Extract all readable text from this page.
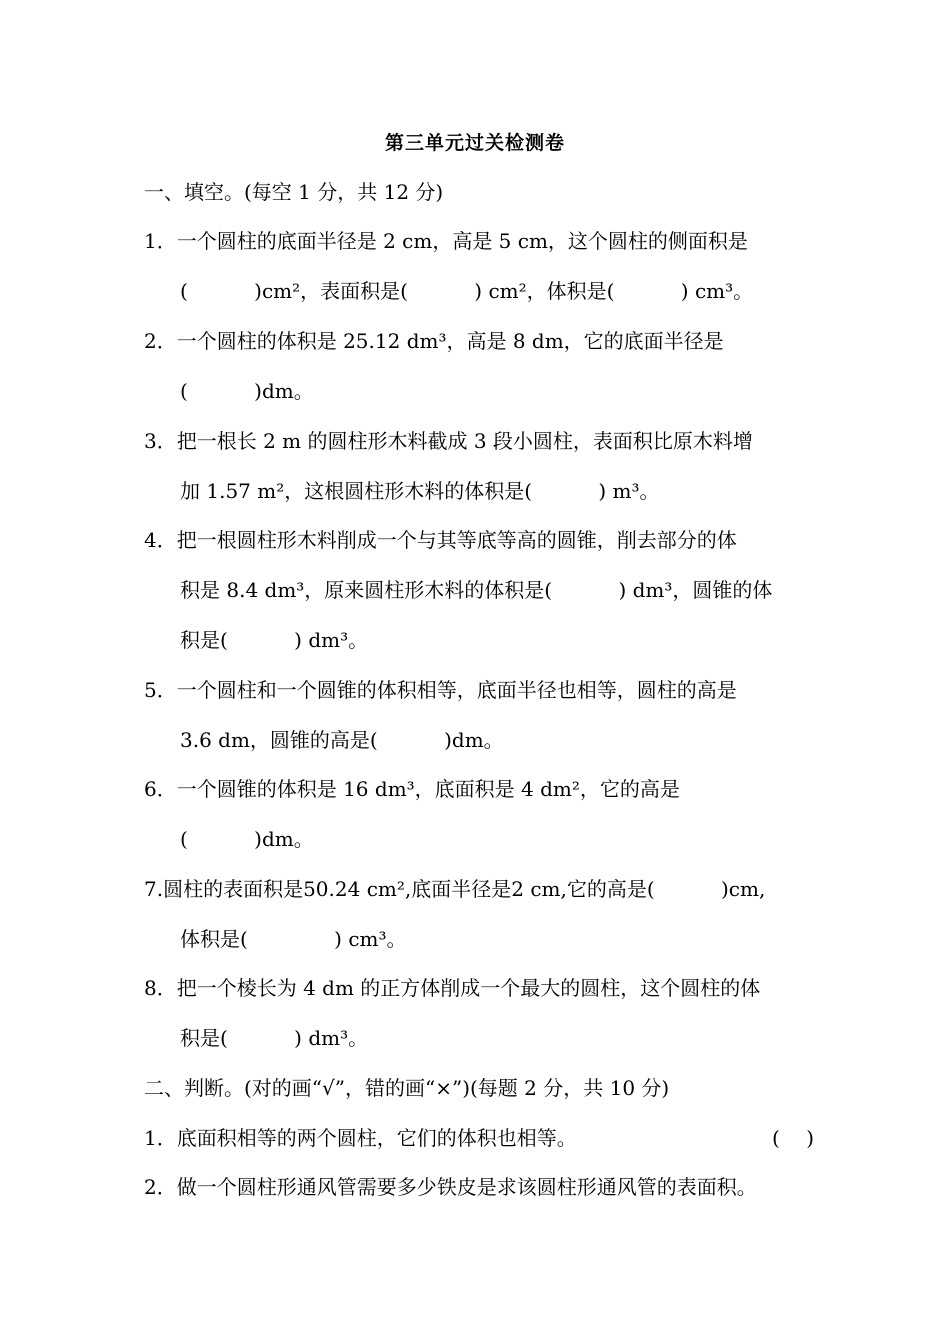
第三单元过关检测卷
一、填空。(每空 1 分，共 12 分)
1．一个圆柱的底面半径是 2 cm，高是 5 cm，这个圆柱的侧面积是
(　　　 )cm²，表面积是(　　　 ) cm²，体积是(　　　 ) cm³。
2．一个圆柱的体积是 25.12 dm³，高是 8 dm，它的底面半径是
(　　　 )dm。
3．把一根长 2 m 的圆柱形木料截成 3 段小圆柱，表面积比原木料增
加 1.57 m²，这根圆柱形木料的体积是(　　　 ) m³。
4．把一根圆柱形木料削成一个与其等底等高的圆锥，削去部分的体
积是 8.4 dm³，原来圆柱形木料的体积是(　　　 ) dm³，圆锥的体
积是(　　　 ) dm³。
5．一个圆柱和一个圆锥的体积相等，底面半径也相等，圆柱的高是
3.6 dm，圆锥的高是(　　　 )dm。
6．一个圆锥的体积是 16 dm³，底面积是 4 dm²，它的高是
(　　　 )dm。
7.圆柱的表面积是50.24 cm²,底面半径是2 cm,它的高是(　　　 )cm,
体积是(　　　　 ) cm³。
8．把一个棱长为 4 dm 的正方体削成一个最大的圆柱，这个圆柱的体
积是(　　　 ) dm³。
二、判断。(对的画“√”，错的画“×”)(每题 2 分，共 10 分)
1．底面积相等的两个圆柱，它们的体积也相等。	(　 )
2．做一个圆柱形通风管需要多少铁皮是求该圆柱形通风管的表面积。
